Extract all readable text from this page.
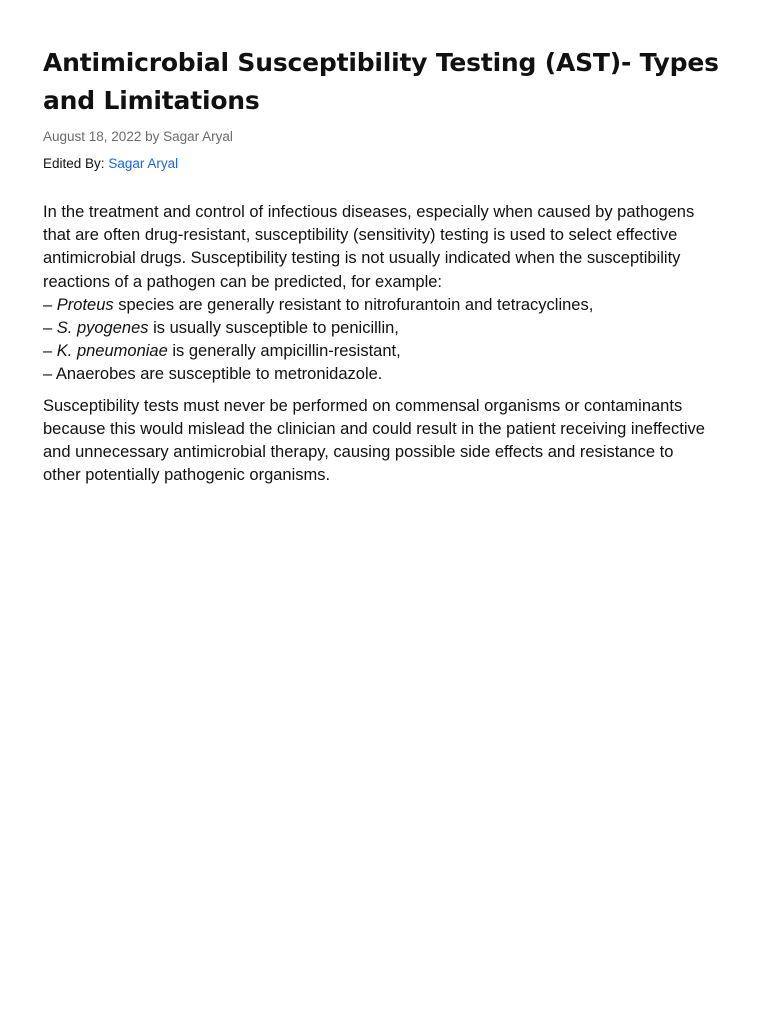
Antimicrobial Susceptibility Testing (AST)- Types and Limitations
August 18, 2022 by Sagar Aryal
Edited By: Sagar Aryal
In the treatment and control of infectious diseases, especially when caused by pathogens
that are often drug-resistant, susceptibility (sensitivity) testing is used to select effective
antimicrobial drugs. Susceptibility testing is not usually indicated when the susceptibility
reactions of a pathogen can be predicted, for example:
– Proteus species are generally resistant to nitrofurantoin and tetracyclines,
– S. pyogenes is usually susceptible to penicillin,
– K. pneumoniae is generally ampicillin-resistant,
– Anaerobes are susceptible to metronidazole.
Susceptibility tests must never be performed on commensal organisms or contaminants
because this would mislead the clinician and could result in the patient receiving ineffective
and unnecessary antimicrobial therapy, causing possible side effects and resistance to
other potentially pathogenic organisms.
